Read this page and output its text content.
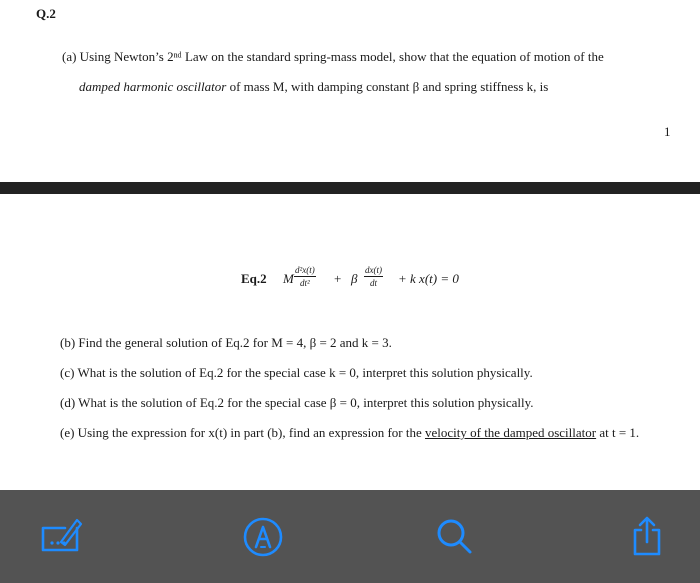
Q.2
(a) Using Newton’s 2ⁿᵈ Law on the standard spring-mass model, show that the equation of motion of the
damped harmonic oscillator of mass M, with damping constant β and spring stiffness k, is
1
Eq.2 M $\frac{\text{d²x(t)}}{\text{dt²}} + \beta \frac{dx(t)}{dt} + k$ x(t) = 0
(b) Find the general solution of Eq.2 for M = 4, β = 2 and k = 3.
(c) What is the solution of Eq.2 for the special case k = 0, interpret this solution physically.
(d) What is the solution of Eq.2 for the special case β = 0, interpret this solution physically.
(e) Using the expression for x(t) in part (b), find an expression for the velocity of the damped oscillator at t = 1.
